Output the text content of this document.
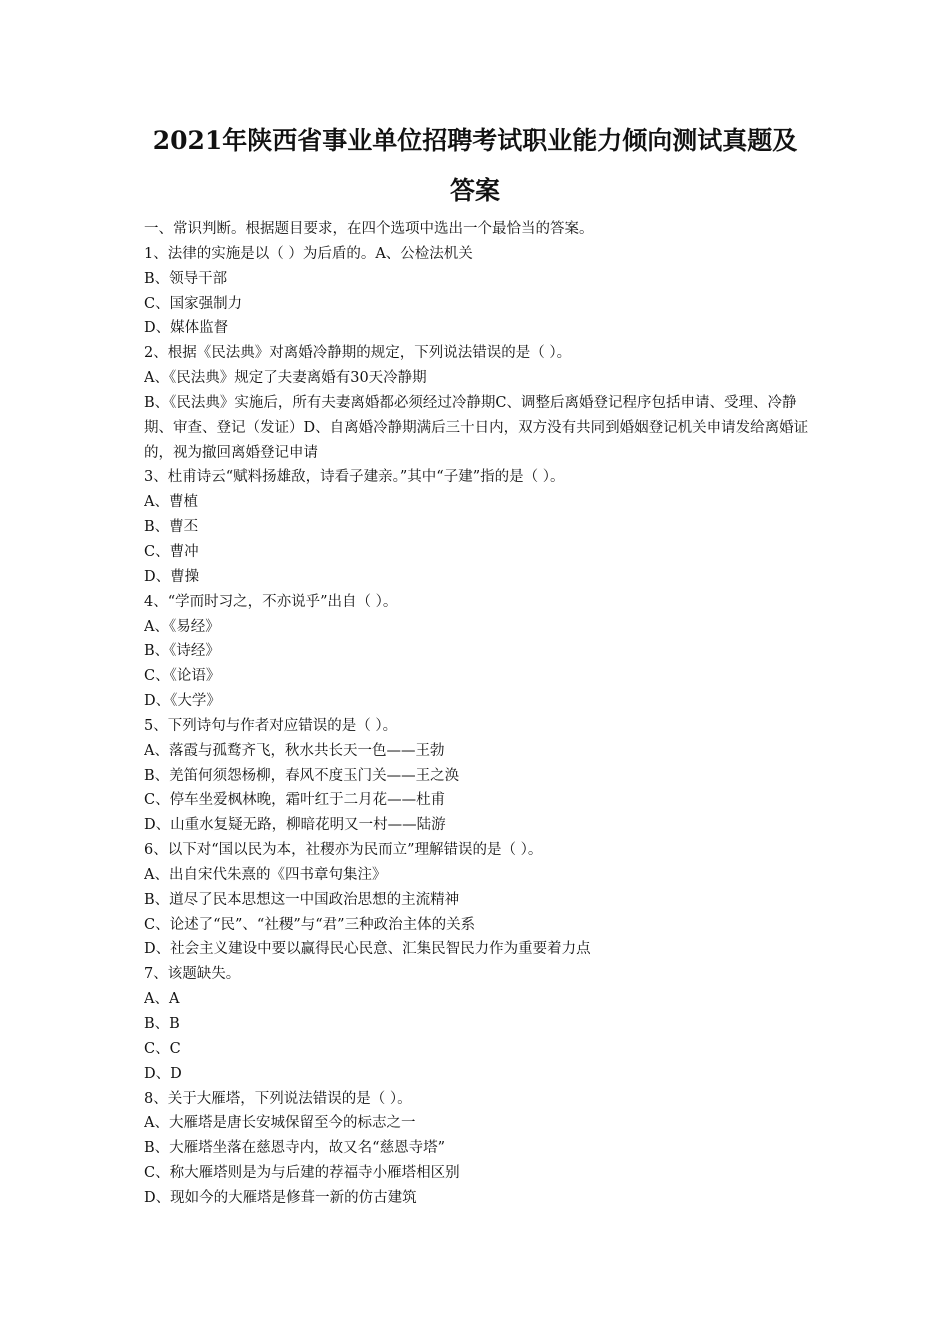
2021年陕西省事业单位招聘考试职业能力倾向测试真题及
答案
一、常识判断。根据题目要求，在四个选项中选出一个最恰当的答案。
1、法律的实施是以（ ）为后盾的。A、公检法机关
B、领导干部
C、国家强制力
D、媒体监督
2、根据《民法典》对离婚冷静期的规定，下列说法错误的是（ ）。
A、《民法典》规定了夫妻离婚有30天冷静期
B、《民法典》实施后，所有夫妻离婚都必须经过冷静期C、调整后离婚登记程序包括申请、受理、冷静期、审查、登记（发证）D、自离婚冷静期满后三十日内，双方没有共同到婚姻登记机关申请发给离婚证的，视为撤回离婚登记申请
3、杜甫诗云“赋料扬雄敌，诗看子建亲。”其中“子建”指的是（ ）。
A、曹植
B、曹丕
C、曹冲
D、曹操
4、“学而时习之，不亦说乎”出自（ ）。
A、《易经》
B、《诗经》
C、《论语》
D、《大学》
5、下列诗句与作者对应错误的是（ ）。
A、落霞与孤鹜齐飞，秋水共长天一色——王勃
B、羌笛何须怨杨柳，春风不度玉门关——王之涣
C、停车坐爱枫林晚，霜叶红于二月花——杜甫
D、山重水复疑无路，柳暗花明又一村——陆游
6、以下对“国以民为本，社稷亦为民而立”理解错误的是（ ）。
A、出自宋代朱熹的《四书章句集注》
B、道尽了民本思想这一中国政治思想的主流精神
C、论述了“民”、“社稷”与“君”三种政治主体的关系
D、社会主义建设中要以赢得民心民意、汇集民智民力作为重要着力点
7、该题缺失。
A、A
B、B
C、C
D、D
8、关于大雁塔，下列说法错误的是（ ）。
A、大雁塔是唐长安城保留至今的标志之一
B、大雁塔坐落在慈恩寺内，故又名“慈恩寺塔”
C、称大雁塔则是为与后建的荐福寺小雁塔相区别
D、现如今的大雁塔是修葺一新的仿古建筑
